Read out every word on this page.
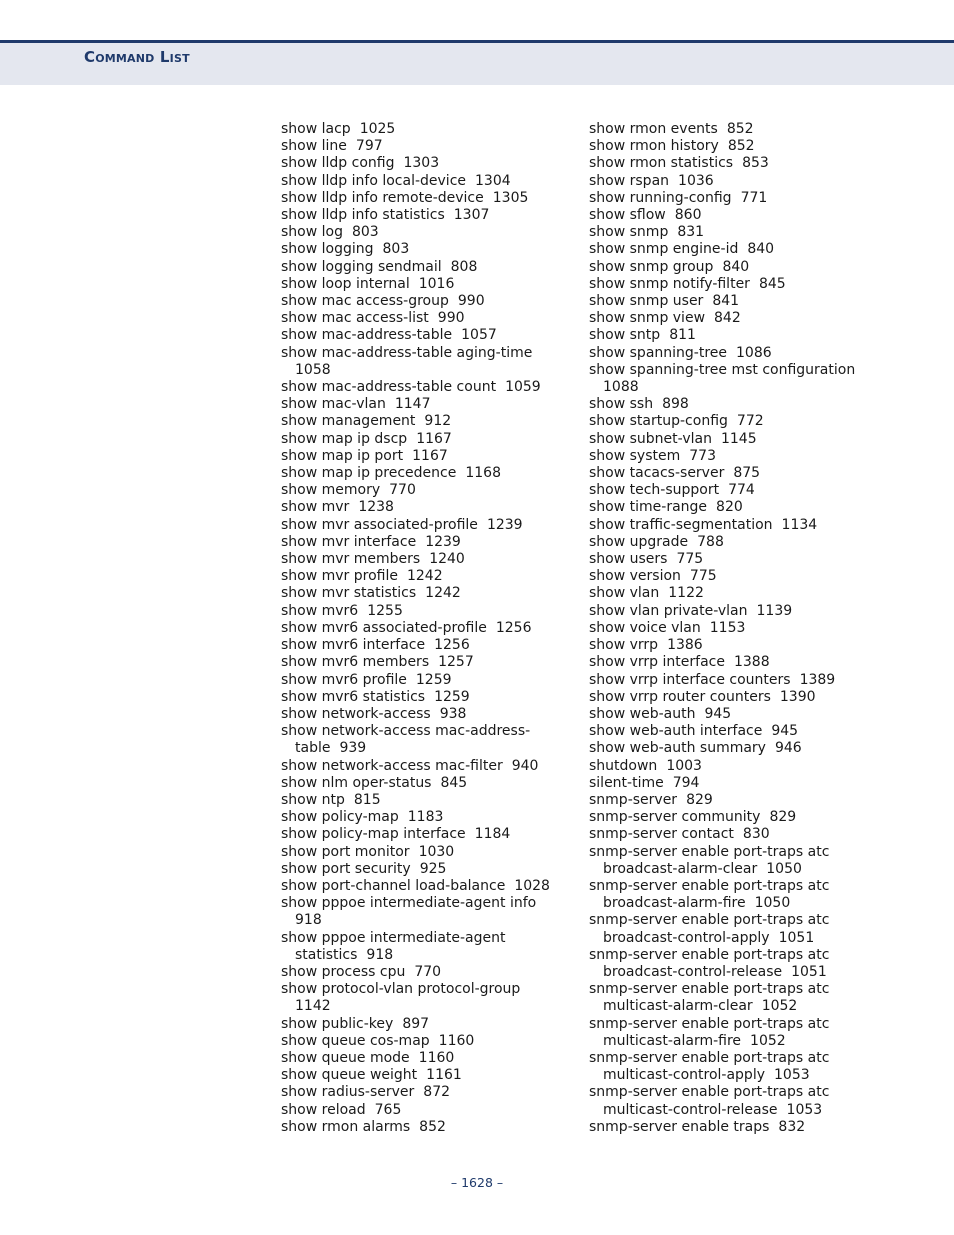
Command List
show lacp 1025
show line 797
show lldp config 1303
show lldp info local-device 1304
show lldp info remote-device 1305
show lldp info statistics 1307
show log 803
show logging 803
show logging sendmail 808
show loop internal 1016
show mac access-group 990
show mac access-list 990
show mac-address-table 1057
show mac-address-table aging-time
1058
show mac-address-table count 1059
show mac-vlan 1147
show management 912
show map ip dscp 1167
show map ip port 1167
show map ip precedence 1168
show memory 770
show mvr 1238
show mvr associated-profile 1239
show mvr interface 1239
show mvr members 1240
show mvr profile 1242
show mvr statistics 1242
show mvr6 1255
show mvr6 associated-profile 1256
show mvr6 interface 1256
show mvr6 members 1257
show mvr6 profile 1259
show mvr6 statistics 1259
show network-access 938
show network-access mac-address-
table 939
show network-access mac-filter 940
show nlm oper-status 845
show ntp 815
show policy-map 1183
show policy-map interface 1184
show port monitor 1030
show port security 925
show port-channel load-balance 1028
show pppoe intermediate-agent info
918
show pppoe intermediate-agent
statistics 918
show process cpu 770
show protocol-vlan protocol-group
1142
show public-key 897
show queue cos-map 1160
show queue mode 1160
show queue weight 1161
show radius-server 872
show reload 765
show rmon alarms 852
show rmon events 852
show rmon history 852
show rmon statistics 853
show rspan 1036
show running-config 771
show sflow 860
show snmp 831
show snmp engine-id 840
show snmp group 840
show snmp notify-filter 845
show snmp user 841
show snmp view 842
show sntp 811
show spanning-tree 1086
show spanning-tree mst configuration
1088
show ssh 898
show startup-config 772
show subnet-vlan 1145
show system 773
show tacacs-server 875
show tech-support 774
show time-range 820
show traffic-segmentation 1134
show upgrade 788
show users 775
show version 775
show vlan 1122
show vlan private-vlan 1139
show voice vlan 1153
show vrrp 1386
show vrrp interface 1388
show vrrp interface counters 1389
show vrrp router counters 1390
show web-auth 945
show web-auth interface 945
show web-auth summary 946
shutdown 1003
silent-time 794
snmp-server 829
snmp-server community 829
snmp-server contact 830
snmp-server enable port-traps atc
broadcast-alarm-clear 1050
snmp-server enable port-traps atc
broadcast-alarm-fire 1050
snmp-server enable port-traps atc
broadcast-control-apply 1051
snmp-server enable port-traps atc
broadcast-control-release 1051
snmp-server enable port-traps atc
multicast-alarm-clear 1052
snmp-server enable port-traps atc
multicast-alarm-fire 1052
snmp-server enable port-traps atc
multicast-control-apply 1053
snmp-server enable port-traps atc
multicast-control-release 1053
snmp-server enable traps 832
– 1628 –
